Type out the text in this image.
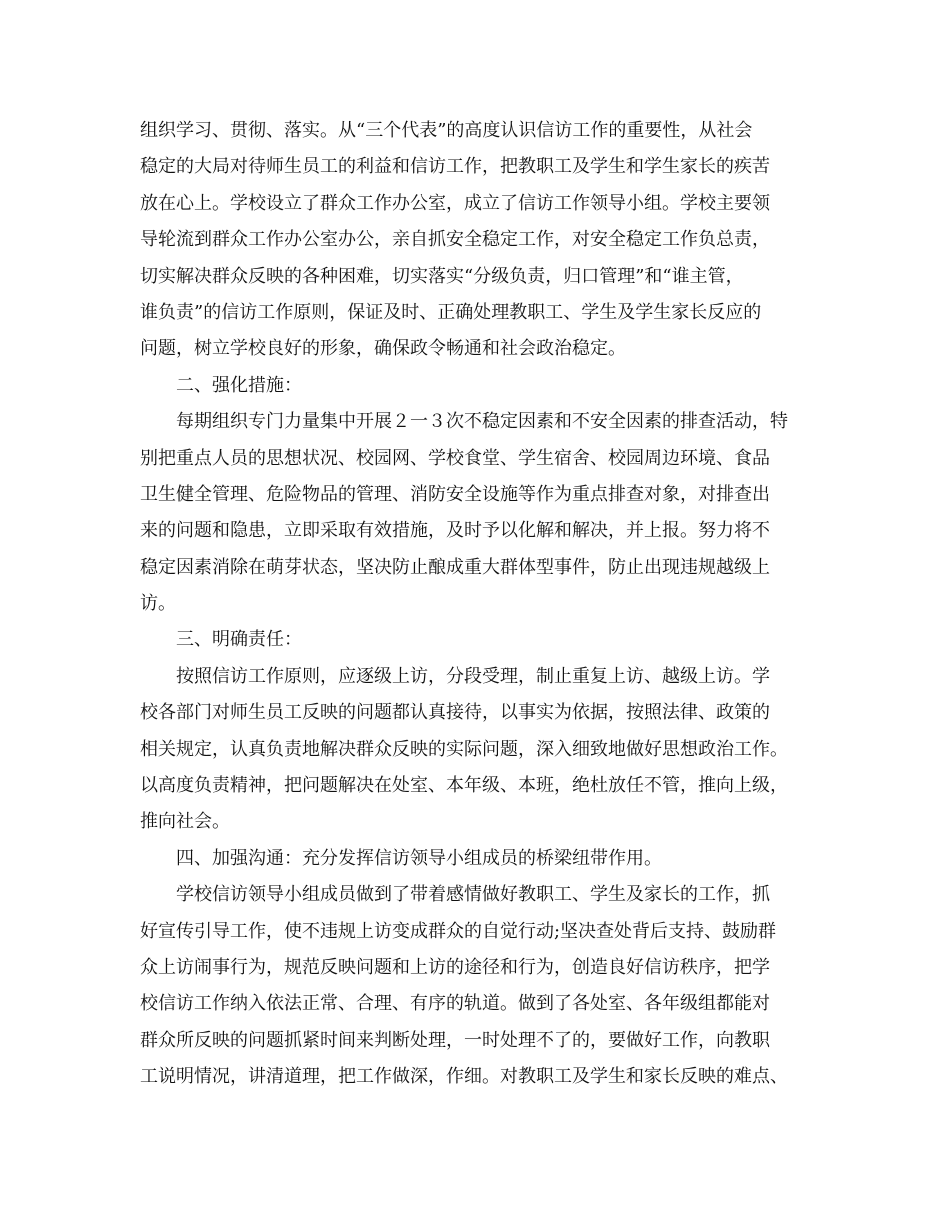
组织学习、贯彻、落实。从“三个代表”的高度认识信访工作的重要性，从社会
稳定的大局对待师生员工的利益和信访工作，把教职工及学生和学生家长的疾苦
放在心上。学校设立了群众工作办公室，成立了信访工作领导小组。学校主要领
导轮流到群众工作办公室办公，亲自抓安全稳定工作，对安全稳定工作负总责，
切实解决群众反映的各种困难，切实落实“分级负责，归口管理”和“谁主管，
谁负责”的信访工作原则，保证及时、正确处理教职工、学生及学生家长反应的
问题，树立学校良好的形象，确保政令畅通和社会政治稳定。
二、强化措施：
每期组织专门力量集中开展２一３次不稳定因素和不安全因素的排查活动，特
别把重点人员的思想状况、校园网、学校食堂、学生宿舍、校园周边环境、食品
卫生健全管理、危险物品的管理、消防安全设施等作为重点排查对象，对排查出
来的问题和隐患，立即采取有效措施，及时予以化解和解决，并上报。努力将不
稳定因素消除在萌芽状态，坚决防止酿成重大群体型事件，防止出现违规越级上
访。
三、明确责任：
按照信访工作原则，应逐级上访，分段受理，制止重复上访、越级上访。学
校各部门对师生员工反映的问题都认真接待，以事实为依据，按照法律、政策的
相关规定，认真负责地解决群众反映的实际问题，深入细致地做好思想政治工作。
以高度负责精神，把问题解决在处室、本年级、本班，绝杜放任不管，推向上级，
推向社会。
四、加强沟通：充分发挥信访领导小组成员的桥梁纽带作用。
学校信访领导小组成员做到了带着感情做好教职工、学生及家长的工作，抓
好宣传引导工作，使不违规上访变成群众的自觉行动;坚决查处背后支持、鼓励群
众上访闹事行为，规范反映问题和上访的途径和行为，创造良好信访秩序，把学
校信访工作纳入依法正常、合理、有序的轨道。做到了各处室、各年级组都能对
群众所反映的问题抓紧时间来判断处理，一时处理不了的，要做好工作，向教职
工说明情况，讲清道理，把工作做深，作细。对教职工及学生和家长反映的难点、
